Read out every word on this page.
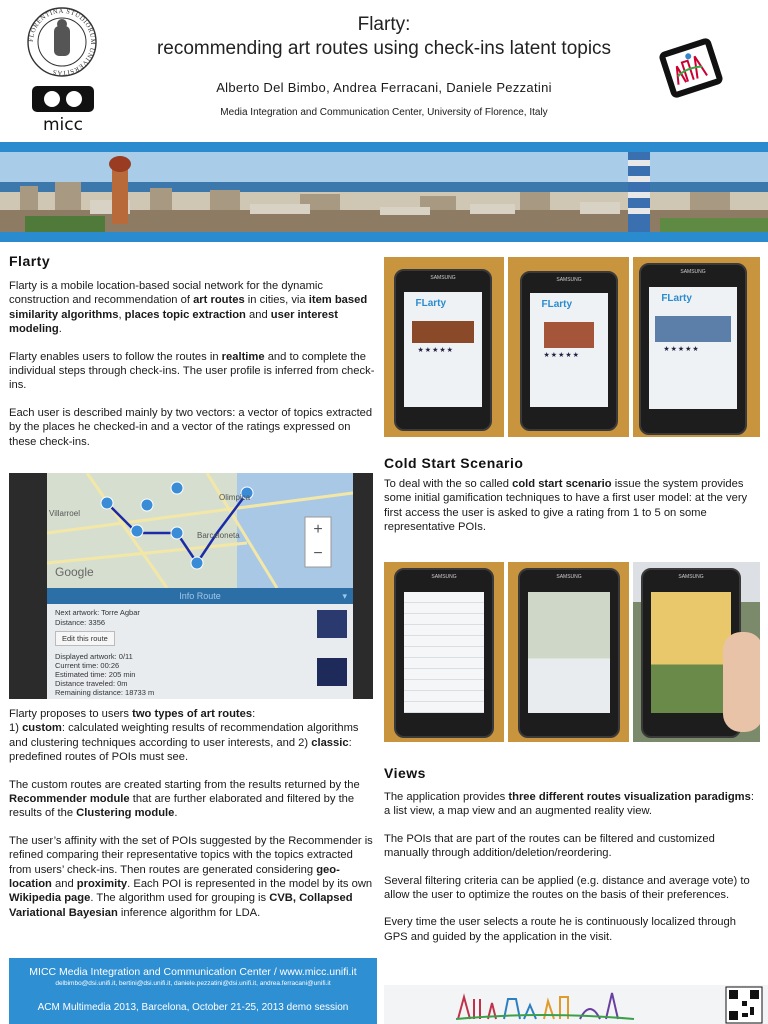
FLORENTINA STUDIORUM UNIVERSITAS
micc
Flarty:
recommending art routes using check-ins latent topics
Alberto Del Bimbo, Andrea Ferracani, Daniele Pezzatini
Media Integration and Communication Center, University of Florence, Italy
Flarty

Flarty is a mobile location-based social network for the dynamic construction and recommendation of art routes in cities, via item based similarity algorithms, places topic extraction and user interest modeling.

Flarty enables users to follow the routes in realtime and to complete the individual steps through check-ins. The user profile is inferred from check-ins.

Each user is described mainly by two vectors: a vector of topics extracted by the places he checked-in and a vector of the ratings expressed on these check-ins.

Olimpica
Villarroel
Barceloneta
Google
+
−
Info Route	▾
Next artwork: Torre Agbar
Distance: 3356
Edit this route
Displayed artwork: 0/11
Current time: 00:26
Estimated time: 205 min
Distance traveled: 0m
Remaining distance: 18733 m

Flarty proposes to users two types of art routes:
1) custom: calculated weighting results of recommendation algorithms and clustering techniques according to user interests, and 2) classic: predefined routes of POIs must see.

The custom routes are created starting from the results returned by the Recommender module that are further elaborated and filtered by the results of the Clustering module.

The user’s affinity with the set of POIs suggested by the Recommender is refined comparing their representative topics with the topics extracted from users’ check-ins. Then routes are generated considering geo-location and proximity. Each POI is represented in the model by its own Wikipedia page. The algorithm used for grouping is CVB, Collapsed Variational Bayesian inference algorithm for LDA.

SAMSUNG
FLarty
★★★★★
SAMSUNG
FLarty
★★★★★
SAMSUNG
FLarty
★★★★★
Cold Start Scenario

To deal with the so called cold start scenario issue the system provides some initial gamification techniques to have a first user model: at the very first access the user is asked to give a rating from 1 to 5 on some representative POIs.

SAMSUNG	SAMSUNG	SAMSUNG
Views

The application provides three different routes visualization paradigms: a list view, a map view and an augmented reality view.

The POIs that are part of the routes can be filtered and customized manually through addition/deletion/reordering.

Several filtering criteria can be applied (e.g. distance and average vote) to allow the user to optimize the routes on the basis of their preferences.

Every time the user selects a route he is continuously localized through GPS and guided by the application in the visit.

MICC Media Integration and Communication Center / www.micc.unifi.it
delbimbo@dsi.unifi.it, bertini@dsi.unifi.it, daniele.pezzatini@dsi.unifi.it, andrea.ferracani@unifi.it
ACM Multimedia 2013, Barcelona, October 21-25, 2013 demo session
